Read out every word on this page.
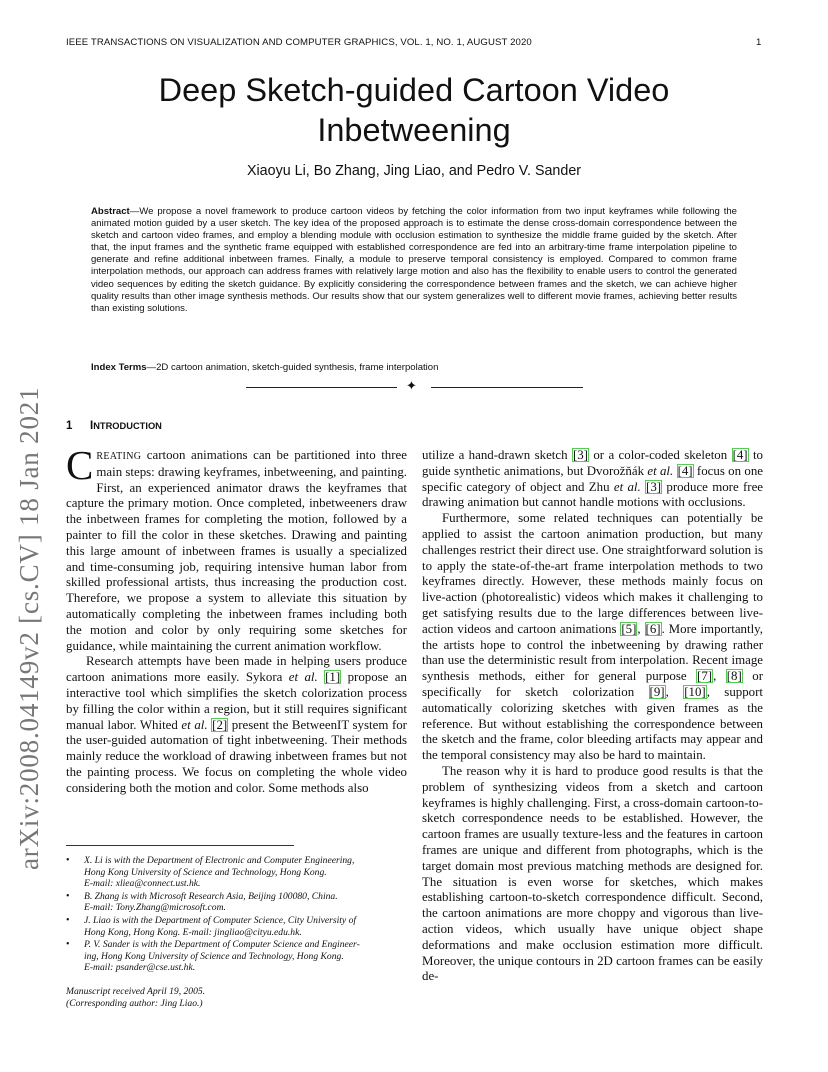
IEEE TRANSACTIONS ON VISUALIZATION AND COMPUTER GRAPHICS, VOL. 1, NO. 1, AUGUST 2020	1
arXiv:2008.04149v2 [cs.CV] 18 Jan 2021
Deep Sketch-guided Cartoon Video
Inbetweening
Xiaoyu Li, Bo Zhang, Jing Liao, and Pedro V. Sander
Abstract—We propose a novel framework to produce cartoon videos by fetching the color information from two input keyframes while following the animated motion guided by a user sketch. The key idea of the proposed approach is to estimate the dense cross-domain correspondence between the sketch and cartoon video frames, and employ a blending module with occlusion estimation to synthesize the middle frame guided by the sketch. After that, the input frames and the synthetic frame equipped with established correspondence are fed into an arbitrary-time frame interpolation pipeline to generate and refine additional inbetween frames. Finally, a module to preserve temporal consistency is employed. Compared to common frame interpolation methods, our approach can address frames with relatively large motion and also has the flexibility to enable users to control the generated video sequences by editing the sketch guidance. By explicitly considering the correspondence between frames and the sketch, we can achieve higher quality results than other image synthesis methods. Our results show that our system generalizes well to different movie frames, achieving better results than existing solutions.
Index Terms—2D cartoon animation, sketch-guided synthesis, frame interpolation
✦
1 INTRODUCTION

CREATING cartoon animations can be partitioned into three main steps: drawing keyframes, inbetweening, and painting. First, an experienced animator draws the keyframes that capture the primary motion. Once completed, inbetweeners draw the inbetween frames for completing the motion, followed by a painter to fill the color in these sketches. Drawing and painting this large amount of inbetween frames is usually a specialized and time-consuming job, requiring intensive human labor from skilled professional artists, thus increasing the production cost. Therefore, we propose a system to alleviate this situation by automatically completing the inbetween frames including both the motion and color by only requiring some sketches for guidance, while maintaining the current animation workflow.

Research attempts have been made in helping users produce cartoon animations more easily. Sykora et al. [1] propose an interactive tool which simplifies the sketch colorization process by filling the color within a region, but it still requires significant manual labor. Whited et al. [2] present the BetweenIT system for the user-guided automation of tight inbetweening. Their methods mainly reduce the workload of drawing inbetween frames but not the painting process. We focus on completing the whole video considering both the motion and color. Some methods also

• X. Li is with the Department of Electronic and Computer Engineering,
Hong Kong University of Science and Technology, Hong Kong.
E-mail: xliea@connect.ust.hk.
• B. Zhang is with Microsoft Research Asia, Beijing 100080, China.
E-mail: Tony.Zhang@microsoft.com.
• J. Liao is with the Department of Computer Science, City University of
Hong Kong, Hong Kong. E-mail: jingliao@cityu.edu.hk.
• P. V. Sander is with the Department of Computer Science and Engineer-
ing, Hong Kong University of Science and Technology, Hong Kong.
E-mail: psander@cse.ust.hk.
Manuscript received April 19, 2005.
(Corresponding author: Jing Liao.)

utilize a hand-drawn sketch [3] or a color-coded skeleton [4] to guide synthetic animations, but Dvorožňák et al. [4] focus on one specific category of object and Zhu et al. [3] produce more free drawing animation but cannot handle motions with occlusions.

Furthermore, some related techniques can potentially be applied to assist the cartoon animation production, but many challenges restrict their direct use. One straightforward solution is to apply the state-of-the-art frame interpolation methods to two keyframes directly. However, these methods mainly focus on live-action (photorealistic) videos which makes it challenging to get satisfying results due to the large differences between live-action videos and cartoon animations [5], [6]. More importantly, the artists hope to control the inbetweening by drawing rather than use the deterministic result from interpolation. Recent image synthesis methods, either for general purpose [7], [8] or specifically for sketch colorization [9], [10], support automatically colorizing sketches with given frames as the reference. But without establishing the correspondence between the sketch and the frame, color bleeding artifacts may appear and the temporal consistency may also be hard to maintain.

The reason why it is hard to produce good results is that the problem of synthesizing videos from a sketch and cartoon keyframes is highly challenging. First, a cross-domain cartoon-to-sketch correspondence needs to be established. However, the cartoon frames are usually texture-less and the features in cartoon frames are unique and different from photographs, which is the target domain most previous matching methods are designed for. The situation is even worse for sketches, which makes establishing cartoon-to-sketch correspondence difficult. Second, the cartoon animations are more choppy and vigorous than live-action videos, which usually have unique object shape deformations and make occlusion estimation more difficult. Moreover, the unique contours in 2D cartoon frames can be easily de-
